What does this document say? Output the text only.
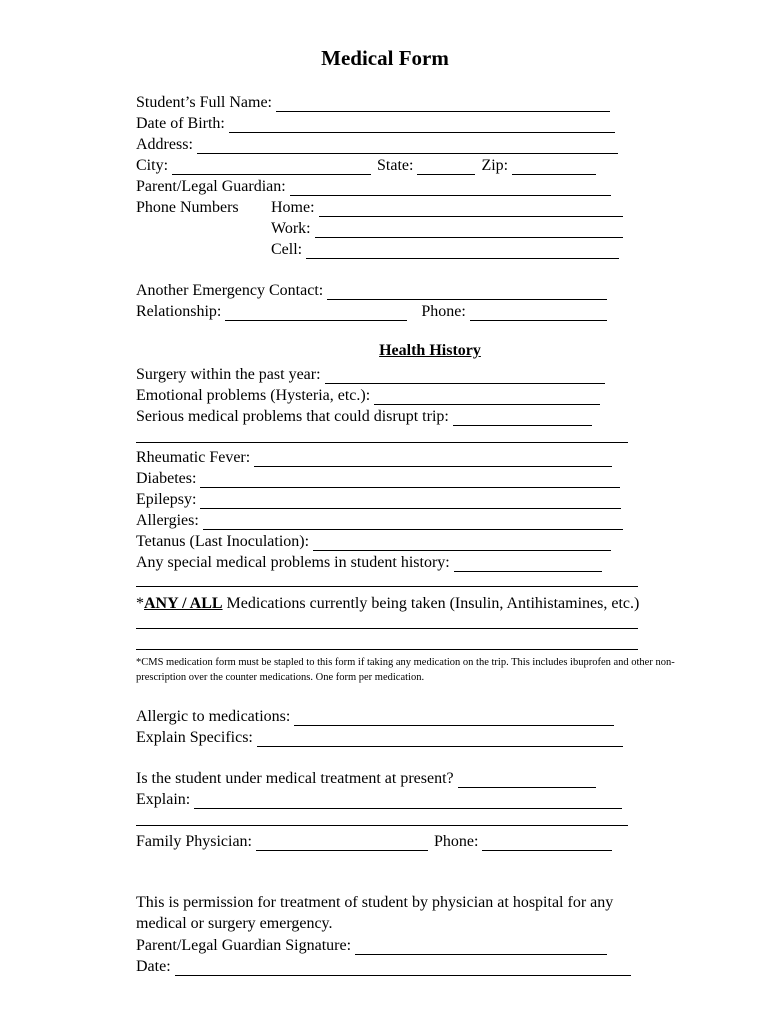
Medical Form
Student’s Full Name:
Date of Birth:
Address:
City:	State:	Zip:
Parent/Legal Guardian:
Phone Numbers	Home:
Work:
Cell:
Another Emergency Contact:
Relationship:	Phone:
Health History
Surgery within the past year:
Emotional problems (Hysteria, etc.):
Serious medical problems that could disrupt trip:
Rheumatic Fever:
Diabetes:
Epilepsy:
Allergies:
Tetanus (Last Inoculation):
Any special medical problems in student history:
* ANY / ALL Medications currently being taken (Insulin, Antihistamines, etc.)
*CMS medication form must be stapled to this form if taking any medication on the trip. This includes ibuprofen and other non-prescription over the counter medications. One form per medication.
Allergic to medications:
Explain Specifics:
Is the student under medical treatment at present?
Explain:
Family Physician:	Phone:
This is permission for treatment of student by physician at hospital for any medical or surgery emergency.
Parent/Legal Guardian Signature:
Date:
